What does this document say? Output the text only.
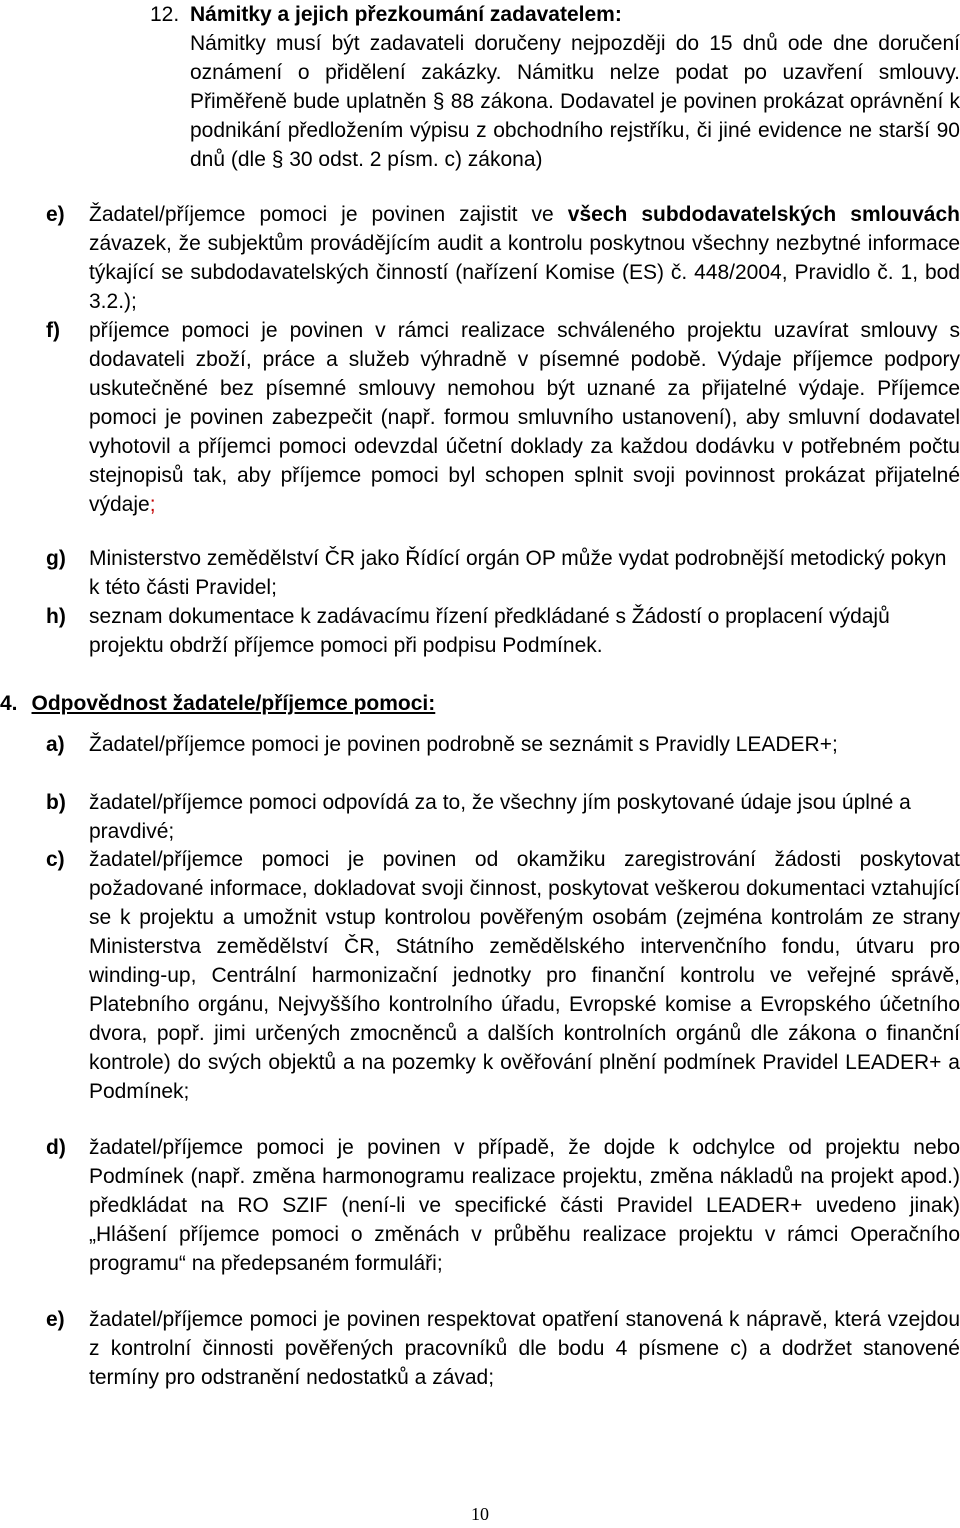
12. Námitky a jejich přezkoumání zadavatelem:
Námitky musí být zadavateli doručeny nejpozději do 15 dnů ode dne doručení oznámení o přidělení zakázky. Námitku nelze podat po uzavření smlouvy. Přiměřeně bude uplatněn § 88 zákona. Dodavatel je povinen prokázat oprávnění k podnikání předložením výpisu z obchodního rejstříku, či jiné evidence ne starší 90 dnů (dle § 30 odst. 2 písm. c) zákona)
e)	Žadatel/příjemce pomoci je povinen zajistit ve všech subdodavatelských smlouvách závazek, že subjektům provádějícím audit a kontrolu poskytnou všechny nezbytné informace týkající se subdodavatelských činností (nařízení Komise (ES) č. 448/2004, Pravidlo č. 1, bod 3.2.);
f)	příjemce pomoci je povinen v rámci realizace schváleného projektu uzavírat smlouvy s dodavateli zboží, práce a služeb výhradně v písemné podobě. Výdaje příjemce podpory uskutečněné bez písemné smlouvy nemohou být uznané za přijatelné výdaje. Příjemce pomoci je povinen zabezpečit (např. formou smluvního ustanovení), aby smluvní dodavatel vyhotovil a příjemci pomoci odevzdal účetní doklady za každou dodávku v potřebném počtu stejnopisů tak, aby příjemce pomoci byl schopen splnit svoji povinnost prokázat přijatelné výdaje;
g)	Ministerstvo zemědělství ČR jako Řídící orgán OP může vydat podrobnější metodický pokyn k této části Pravidel;
h)	seznam dokumentace k zadávacímu řízení předkládané s Žádostí o proplacení výdajů projektu obdrží příjemce pomoci při podpisu Podmínek.
4. Odpovědnost žadatele/příjemce pomoci:
a)	Žadatel/příjemce pomoci je povinen podrobně se seznámit s Pravidly LEADER+;
b)	žadatel/příjemce pomoci odpovídá za to, že všechny jím poskytované údaje jsou úplné a pravdivé;
c)	žadatel/příjemce pomoci je povinen od okamžiku zaregistrování žádosti poskytovat požadované informace, dokladovat svoji činnost, poskytovat veškerou dokumentaci vztahující se k projektu a umožnit vstup kontrolou pověřeným osobám (zejména kontrolám ze strany Ministerstva zemědělství ČR, Státního zemědělského intervenčního fondu, útvaru pro winding-up, Centrální harmonizační jednotky pro finanční kontrolu ve veřejné správě, Platebního orgánu, Nejvyššího kontrolního úřadu, Evropské komise a Evropského účetního dvora, popř. jimi určených zmocněnců a dalších kontrolních orgánů dle zákona o finanční kontrole) do svých objektů a na pozemky k ověřování plnění podmínek Pravidel LEADER+ a Podmínek;
d)	žadatel/příjemce pomoci je povinen v případě, že dojde k odchylce od projektu nebo Podmínek (např. změna harmonogramu realizace projektu, změna nákladů na projekt apod.) předkládat na RO SZIF (není-li ve specifické části Pravidel LEADER+ uvedeno jinak) „Hlášení příjemce pomoci o změnách v průběhu realizace projektu v rámci Operačního programu“ na předepsaném formuláři;
e)	žadatel/příjemce pomoci je povinen respektovat opatření stanovená k nápravě, která vzejdou z kontrolní činnosti pověřených pracovníků dle bodu 4 písmene c) a dodržet stanovené termíny pro odstranění nedostatků a závad;
10
